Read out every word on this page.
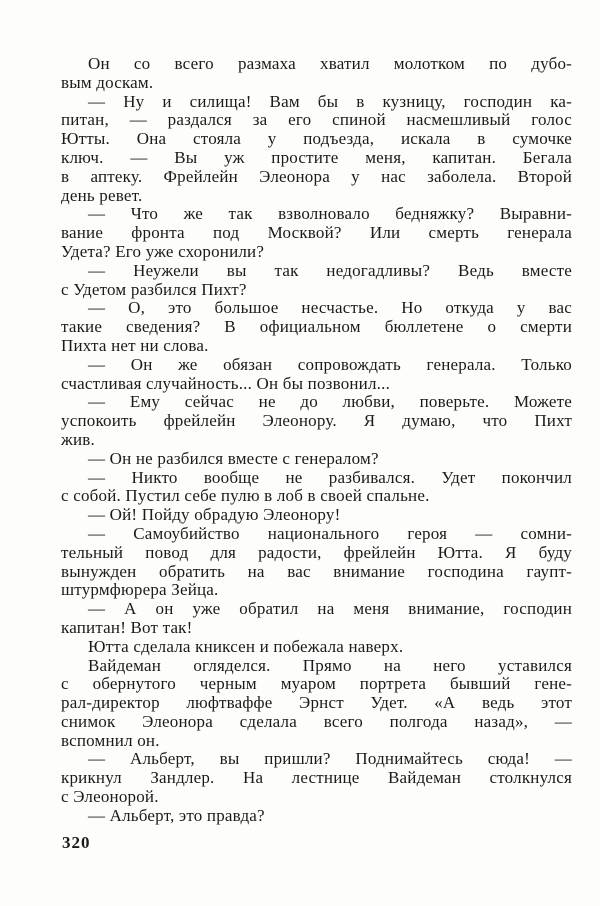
Он со всего размаха хватил молотком по дубо-
вым доскам.
— Ну и силища! Вам бы в кузницу, господин ка-
питан, — раздался за его спиной насмешливый голос
Ютты. Она стояла у подъезда, искала в сумочке
ключ. — Вы уж простите меня, капитан. Бегала
в аптеку. Фрейлейн Элеонора у нас заболела. Второй
день ревет.
— Что же так взволновало бедняжку? Выравни-
вание фронта под Москвой? Или смерть генерала
Удета? Его уже схоронили?
— Неужели вы так недогадливы? Ведь вместе
с Удетом разбился Пихт?
— О, это большое несчастье. Но откуда у вас
такие сведения? В официальном бюллетене о смерти
Пихта нет ни слова.
— Он же обязан сопровождать генерала. Только
счастливая случайность... Он бы позвонил...
— Ему сейчас не до любви, поверьте. Можете
успокоить фрейлейн Элеонору. Я думаю, что Пихт
жив.
— Он не разбился вместе с генералом?
— Никто вообще не разбивался. Удет покончил
с собой. Пустил себе пулю в лоб в своей спальне.
— Ой! Пойду обрадую Элеонору!
— Самоубийство национального героя — сомни-
тельный повод для радости, фрейлейн Ютта. Я буду
вынужден обратить на вас внимание господина гаупт-
штурмфюрера Зейца.
— А он уже обратил на меня внимание, господин
капитан! Вот так!
Ютта сделала книксен и побежала наверх.
Вайдеман огляделся. Прямо на него уставился
с обернутого черным муаром портрета бывший гене-
рал-директор люфтваффе Эрнст Удет. «А ведь этот
снимок Элеонора сделала всего полгода назад», —
вспомнил он.
— Альберт, вы пришли? Поднимайтесь сюда! —
крикнул Зандлер. На лестнице Вайдеман столкнулся
с Элеонорой.
— Альберт, это правда?
320
